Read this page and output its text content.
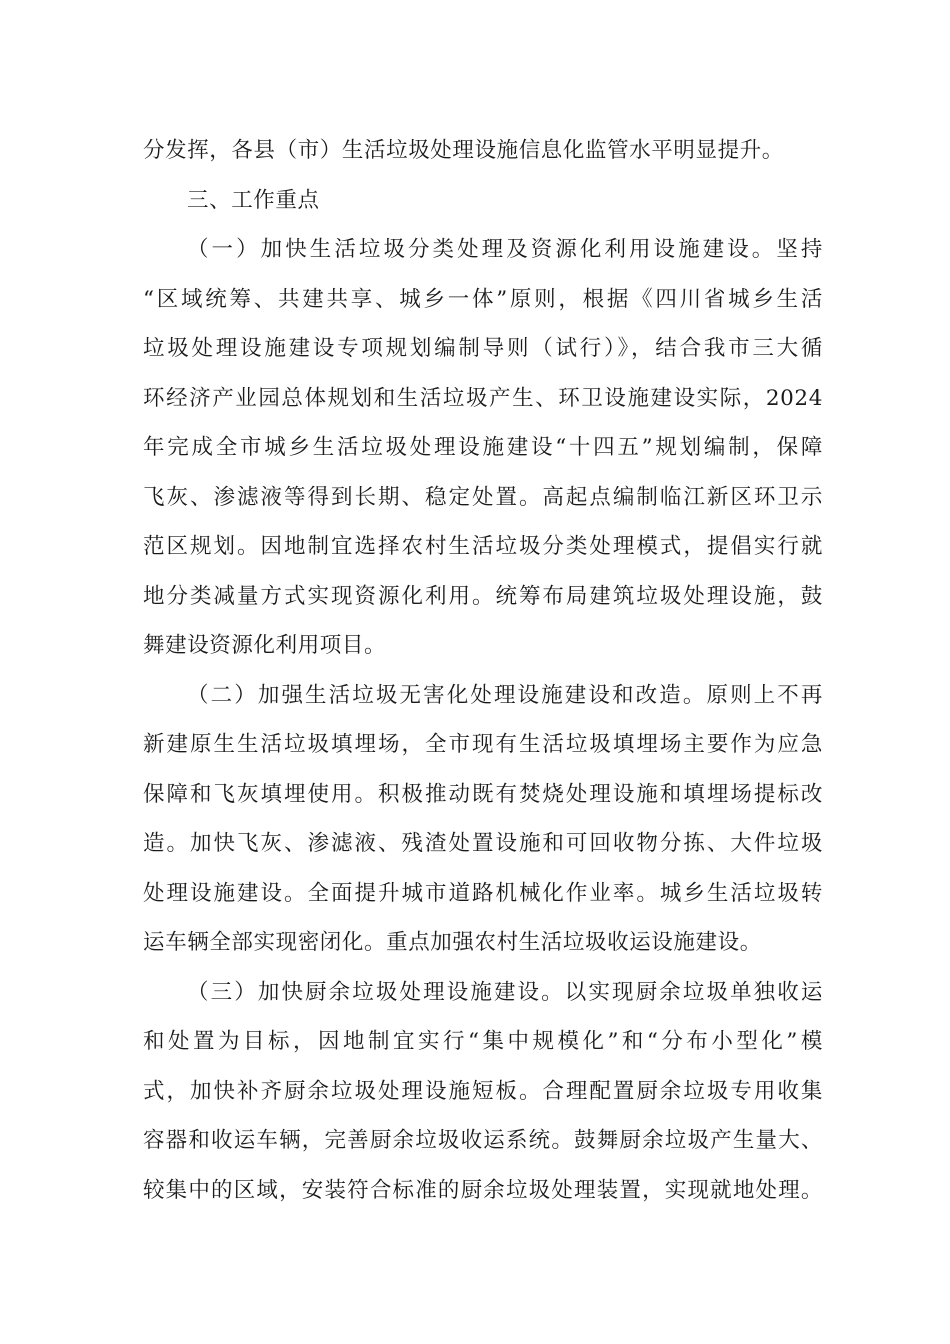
分发挥，各县（市）生活垃圾处理设施信息化监管水平明显提升。
三、工作重点
（一）加快生活垃圾分类处理及资源化利用设施建设。坚持
“区域统筹、共建共享、城乡一体”原则，根据《四川省城乡生活
垃圾处理设施建设专项规划编制导则（试行）》，结合我市三大循
环经济产业园总体规划和生活垃圾产生、环卫设施建设实际，2024
年完成全市城乡生活垃圾处理设施建设“十四五”规划编制，保障
飞灰、渗滤液等得到长期、稳定处置。高起点编制临江新区环卫示
范区规划。因地制宜选择农村生活垃圾分类处理模式，提倡实行就
地分类减量方式实现资源化利用。统筹布局建筑垃圾处理设施，鼓
舞建设资源化利用项目。
（二）加强生活垃圾无害化处理设施建设和改造。原则上不再
新建原生生活垃圾填埋场，全市现有生活垃圾填埋场主要作为应急
保障和飞灰填埋使用。积极推动既有焚烧处理设施和填埋场提标改
造。加快飞灰、渗滤液、残渣处置设施和可回收物分拣、大件垃圾
处理设施建设。全面提升城市道路机械化作业率。城乡生活垃圾转
运车辆全部实现密闭化。重点加强农村生活垃圾收运设施建设。
（三）加快厨余垃圾处理设施建设。以实现厨余垃圾单独收运
和处置为目标，因地制宜实行“集中规模化”和“分布小型化”模
式，加快补齐厨余垃圾处理设施短板。合理配置厨余垃圾专用收集
容器和收运车辆，完善厨余垃圾收运系统。鼓舞厨余垃圾产生量大、
较集中的区域，安装符合标准的厨余垃圾处理装置，实现就地处理。
